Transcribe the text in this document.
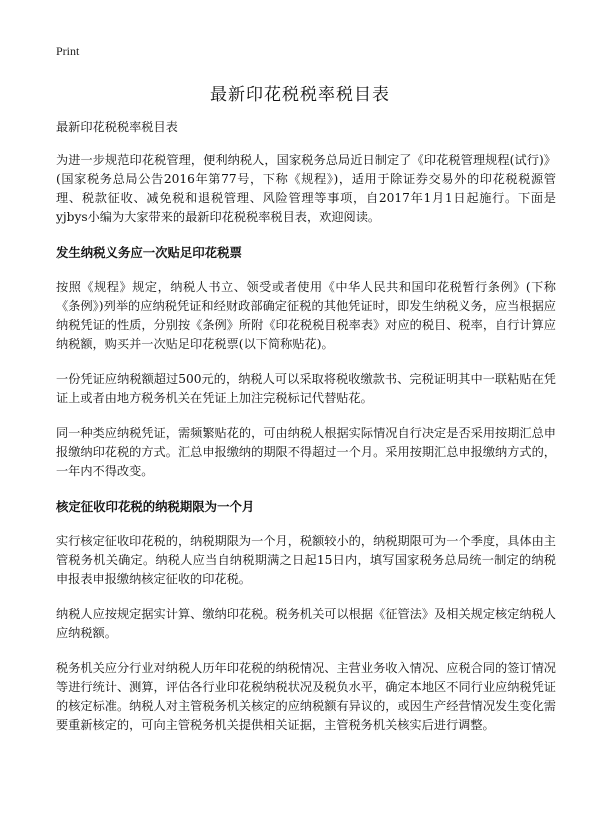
Print
最新印花税税率税目表

最新印花税税率税目表

为进一步规范印花税管理，便利纳税人，国家税务总局近日制定了《印花税管理规程(试行)》(国家税务总局公告2016年第77号，下称《规程》)，适用于除证券交易外的印花税税源管理、税款征收、减免税和退税管理、风险管理等事项，自2017年1月1日起施行。下面是yjbys小编为大家带来的最新印花税税率税目表，欢迎阅读。

发生纳税义务应一次贴足印花税票

按照《规程》规定，纳税人书立、领受或者使用《中华人民共和国印花税暂行条例》(下称《条例》)列举的应纳税凭证和经财政部确定征税的其他凭证时，即发生纳税义务，应当根据应纳税凭证的性质，分别按《条例》所附《印花税税目税率表》对应的税目、税率，自行计算应纳税额，购买并一次贴足印花税票(以下简称贴花)。

一份凭证应纳税额超过500元的，纳税人可以采取将税收缴款书、完税证明其中一联粘贴在凭证上或者由地方税务机关在凭证上加注完税标记代替贴花。

同一种类应纳税凭证，需频繁贴花的，可由纳税人根据实际情况自行决定是否采用按期汇总申报缴纳印花税的方式。汇总申报缴纳的期限不得超过一个月。采用按期汇总申报缴纳方式的，一年内不得改变。

核定征收印花税的纳税期限为一个月

实行核定征收印花税的，纳税期限为一个月，税额较小的，纳税期限可为一个季度，具体由主管税务机关确定。纳税人应当自纳税期满之日起15日内，填写国家税务总局统一制定的纳税申报表申报缴纳核定征收的印花税。

纳税人应按规定据实计算、缴纳印花税。税务机关可以根据《征管法》及相关规定核定纳税人应纳税额。

税务机关应分行业对纳税人历年印花税的纳税情况、主营业务收入情况、应税合同的签订情况等进行统计、测算，评估各行业印花税纳税状况及税负水平，确定本地区不同行业应纳税凭证的核定标准。纳税人对主管税务机关核定的应纳税额有异议的，或因生产经营情况发生变化需要重新核定的，可向主管税务机关提供相关证据，主管税务机关核实后进行调整。
